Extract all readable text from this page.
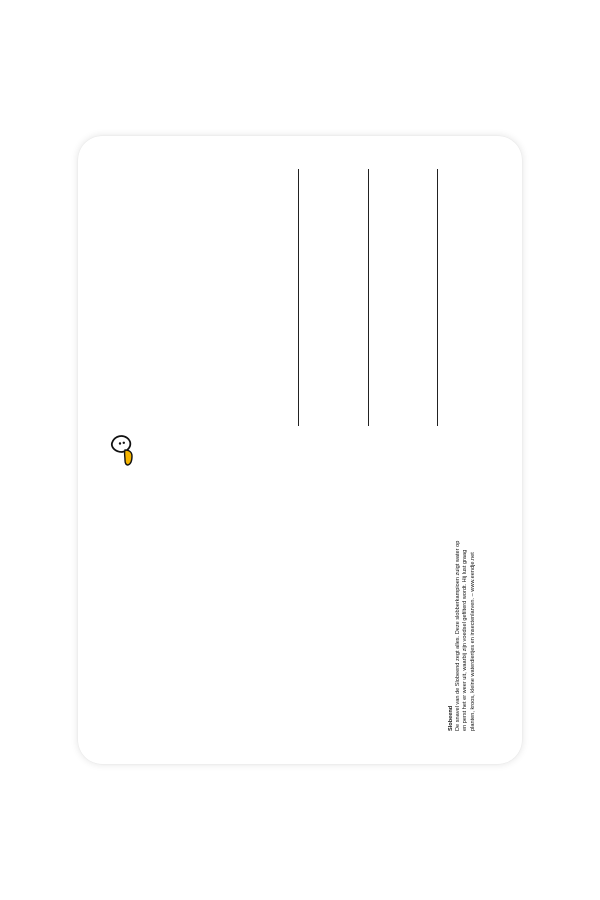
Slobeend De snavel van de Slobeend zegt alles. Deze slobberkampioen zuigt water op en perst het er weer uit, waarbij zijn voedsel gefilterd wordt. Hij lust graag planten, kroos, kleine waterdiertjes en insectenlarven. – www.eendje.net
